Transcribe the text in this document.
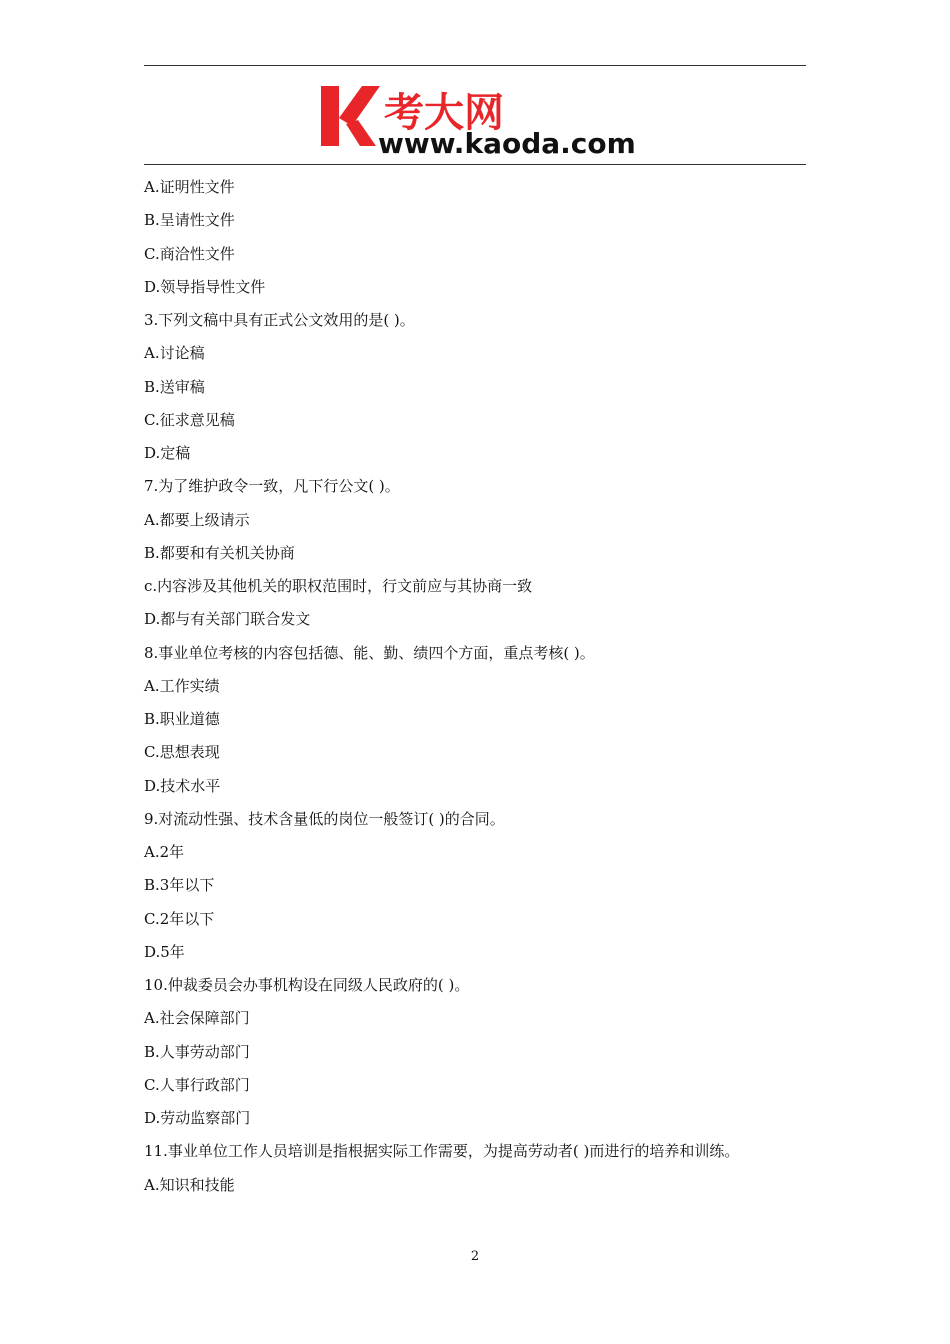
考大网
www.kaoda.com
A.证明性文件
B.呈请性文件
C.商洽性文件
D.领导指导性文件
3.下列文稿中具有正式公文效用的是( )。
A.讨论稿
B.送审稿
C.征求意见稿
D.定稿
7.为了维护政令一致，凡下行公文( )。
A.都要上级请示
B.都要和有关机关协商
c.内容涉及其他机关的职权范围时，行文前应与其协商一致
D.都与有关部门联合发文
8.事业单位考核的内容包括德、能、勤、绩四个方面，重点考核( )。
A.工作实绩
B.职业道德
C.思想表现
D.技术水平
9.对流动性强、技术含量低的岗位一般签订( )的合同。
A.2年
B.3年以下
C.2年以下
D.5年
10.仲裁委员会办事机构设在同级人民政府的( )。
A.社会保障部门
B.人事劳动部门
C.人事行政部门
D.劳动监察部门
11.事业单位工作人员培训是指根据实际工作需要，为提高劳动者( )而进行的培养和训练。
A.知识和技能
2
